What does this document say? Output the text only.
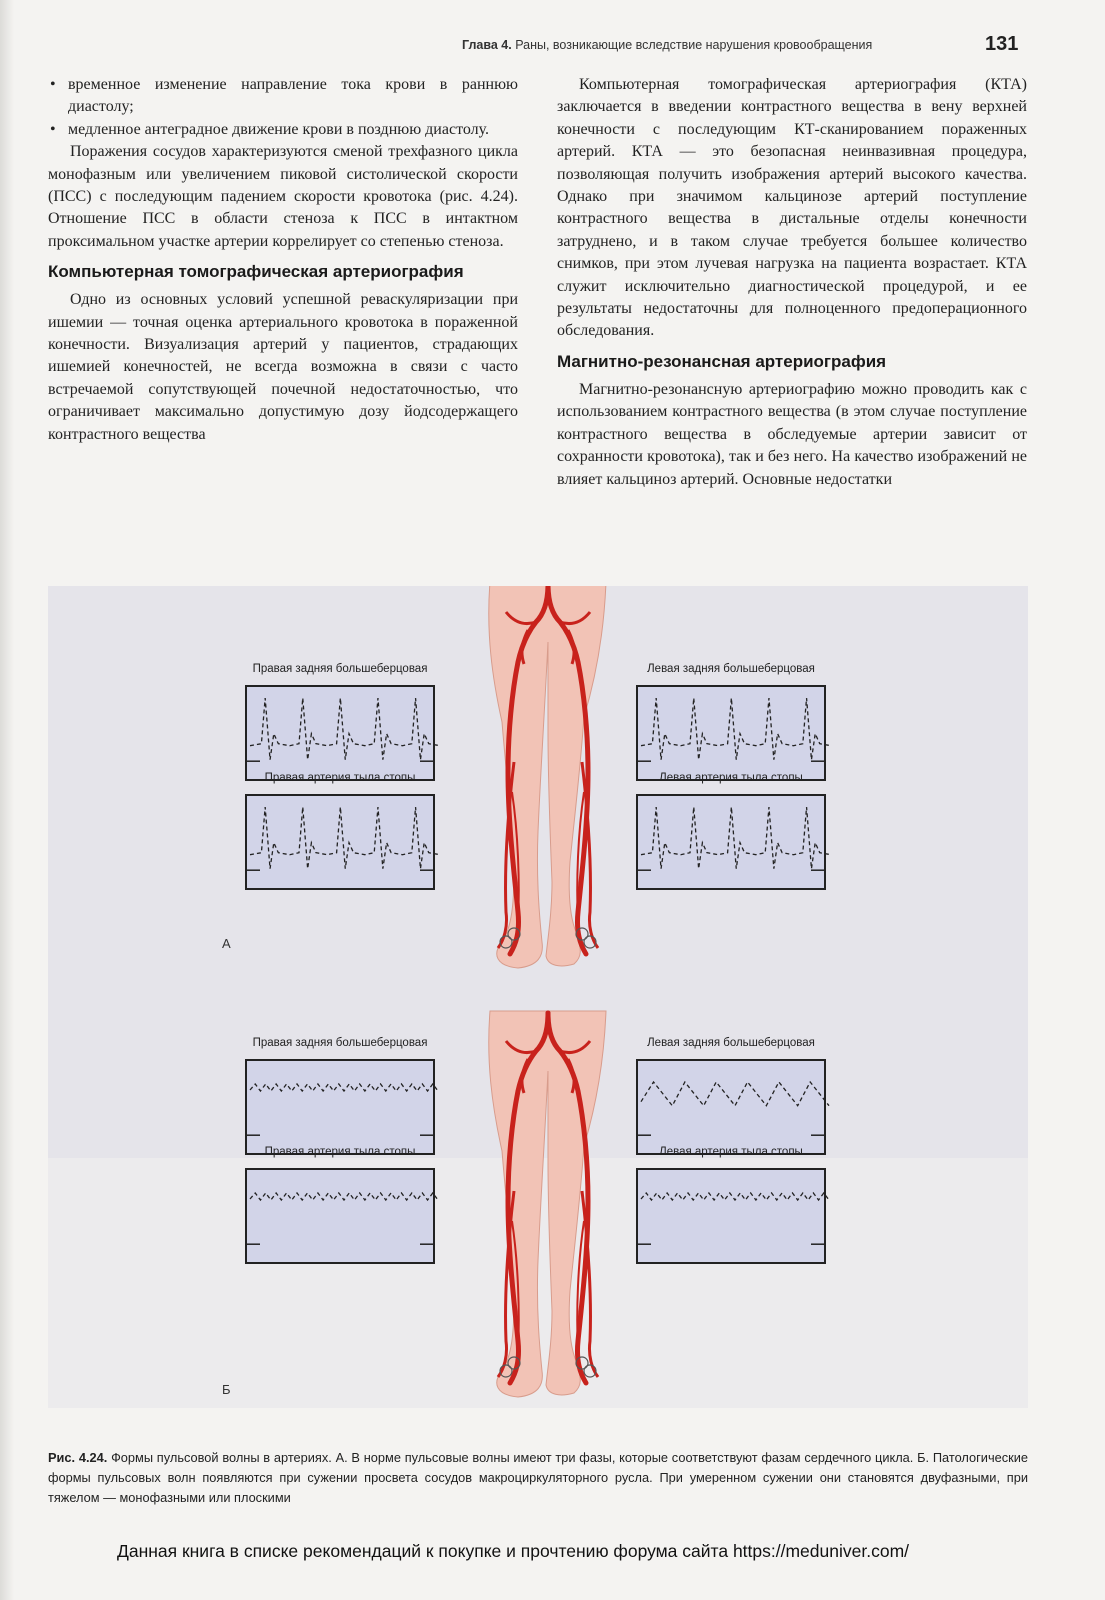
Глава 4. Раны, возникающие вследствие нарушения кровообращения	131
• временное изменение направление тока крови в раннюю диастолу;
• медленное антеградное движение крови в позднюю диастолу.

Поражения сосудов характеризуются сменой трехфазного цикла монофазным или увеличением пиковой систолической скорости (ПСС) с последующим падением скорости кровотока (рис. 4.24). Отношение ПСС в области стеноза к ПСС в интактном проксимальном участке артерии коррелирует со степенью стеноза.

Компьютерная томографическая артериография

Одно из основных условий успешной реваскуляризации при ишемии — точная оценка артериального кровотока в пораженной конечности. Визуализация артерий у пациентов, страдающих ишемией конечностей, не всегда возможна в связи с часто встречаемой сопутствующей почечной недостаточностью, что ограничивает максимально допустимую дозу йодсодержащего контрастного вещества

Компьютерная томографическая артериография (КТА) заключается в введении контрастного вещества в вену верхней конечности с последующим КТ-сканированием пораженных артерий. КТА — это безопасная неинвазивная процедура, позволяющая получить изображения артерий высокого качества. Однако при значимом кальцинозе артерий поступление контрастного вещества в дистальные отделы конечности затруднено, и в таком случае требуется большее количество снимков, при этом лучевая нагрузка на пациента возрастает. КТА служит исключительно диагностической процедурой, и ее результаты недостаточны для полноценного предоперационного обследования.

Магнитно-резонансная артериография

Магнитно-резонансную артериографию можно проводить как с использованием контрастного вещества (в этом случае поступление контрастного вещества в обследуемые артерии зависит от сохранности кровотока), так и без него. На качество изображений не влияет кальциноз артерий. Основные недостатки

Правая задняя большеберцовая
Правая артерия тыла стопы
Левая задняя большеберцовая
Левая артерия тыла стопы
Правая задняя большеберцовая
Правая артерия тыла стопы
Левая задняя большеберцовая
Левая артерия тыла стопы
А
Б
Рис. 4.24. Формы пульсовой волны в артериях. А. В норме пульсовые волны имеют три фазы, которые соответствуют фазам сердечного цикла. Б. Патологические формы пульсовых волн появляются при сужении просвета сосудов макроциркуляторного русла. При умеренном сужении они становятся двуфазными, при тяжелом — монофазными или плоскими
Данная книга в списке рекомендаций к покупке и прочтению форума сайта https://meduniver.com/
